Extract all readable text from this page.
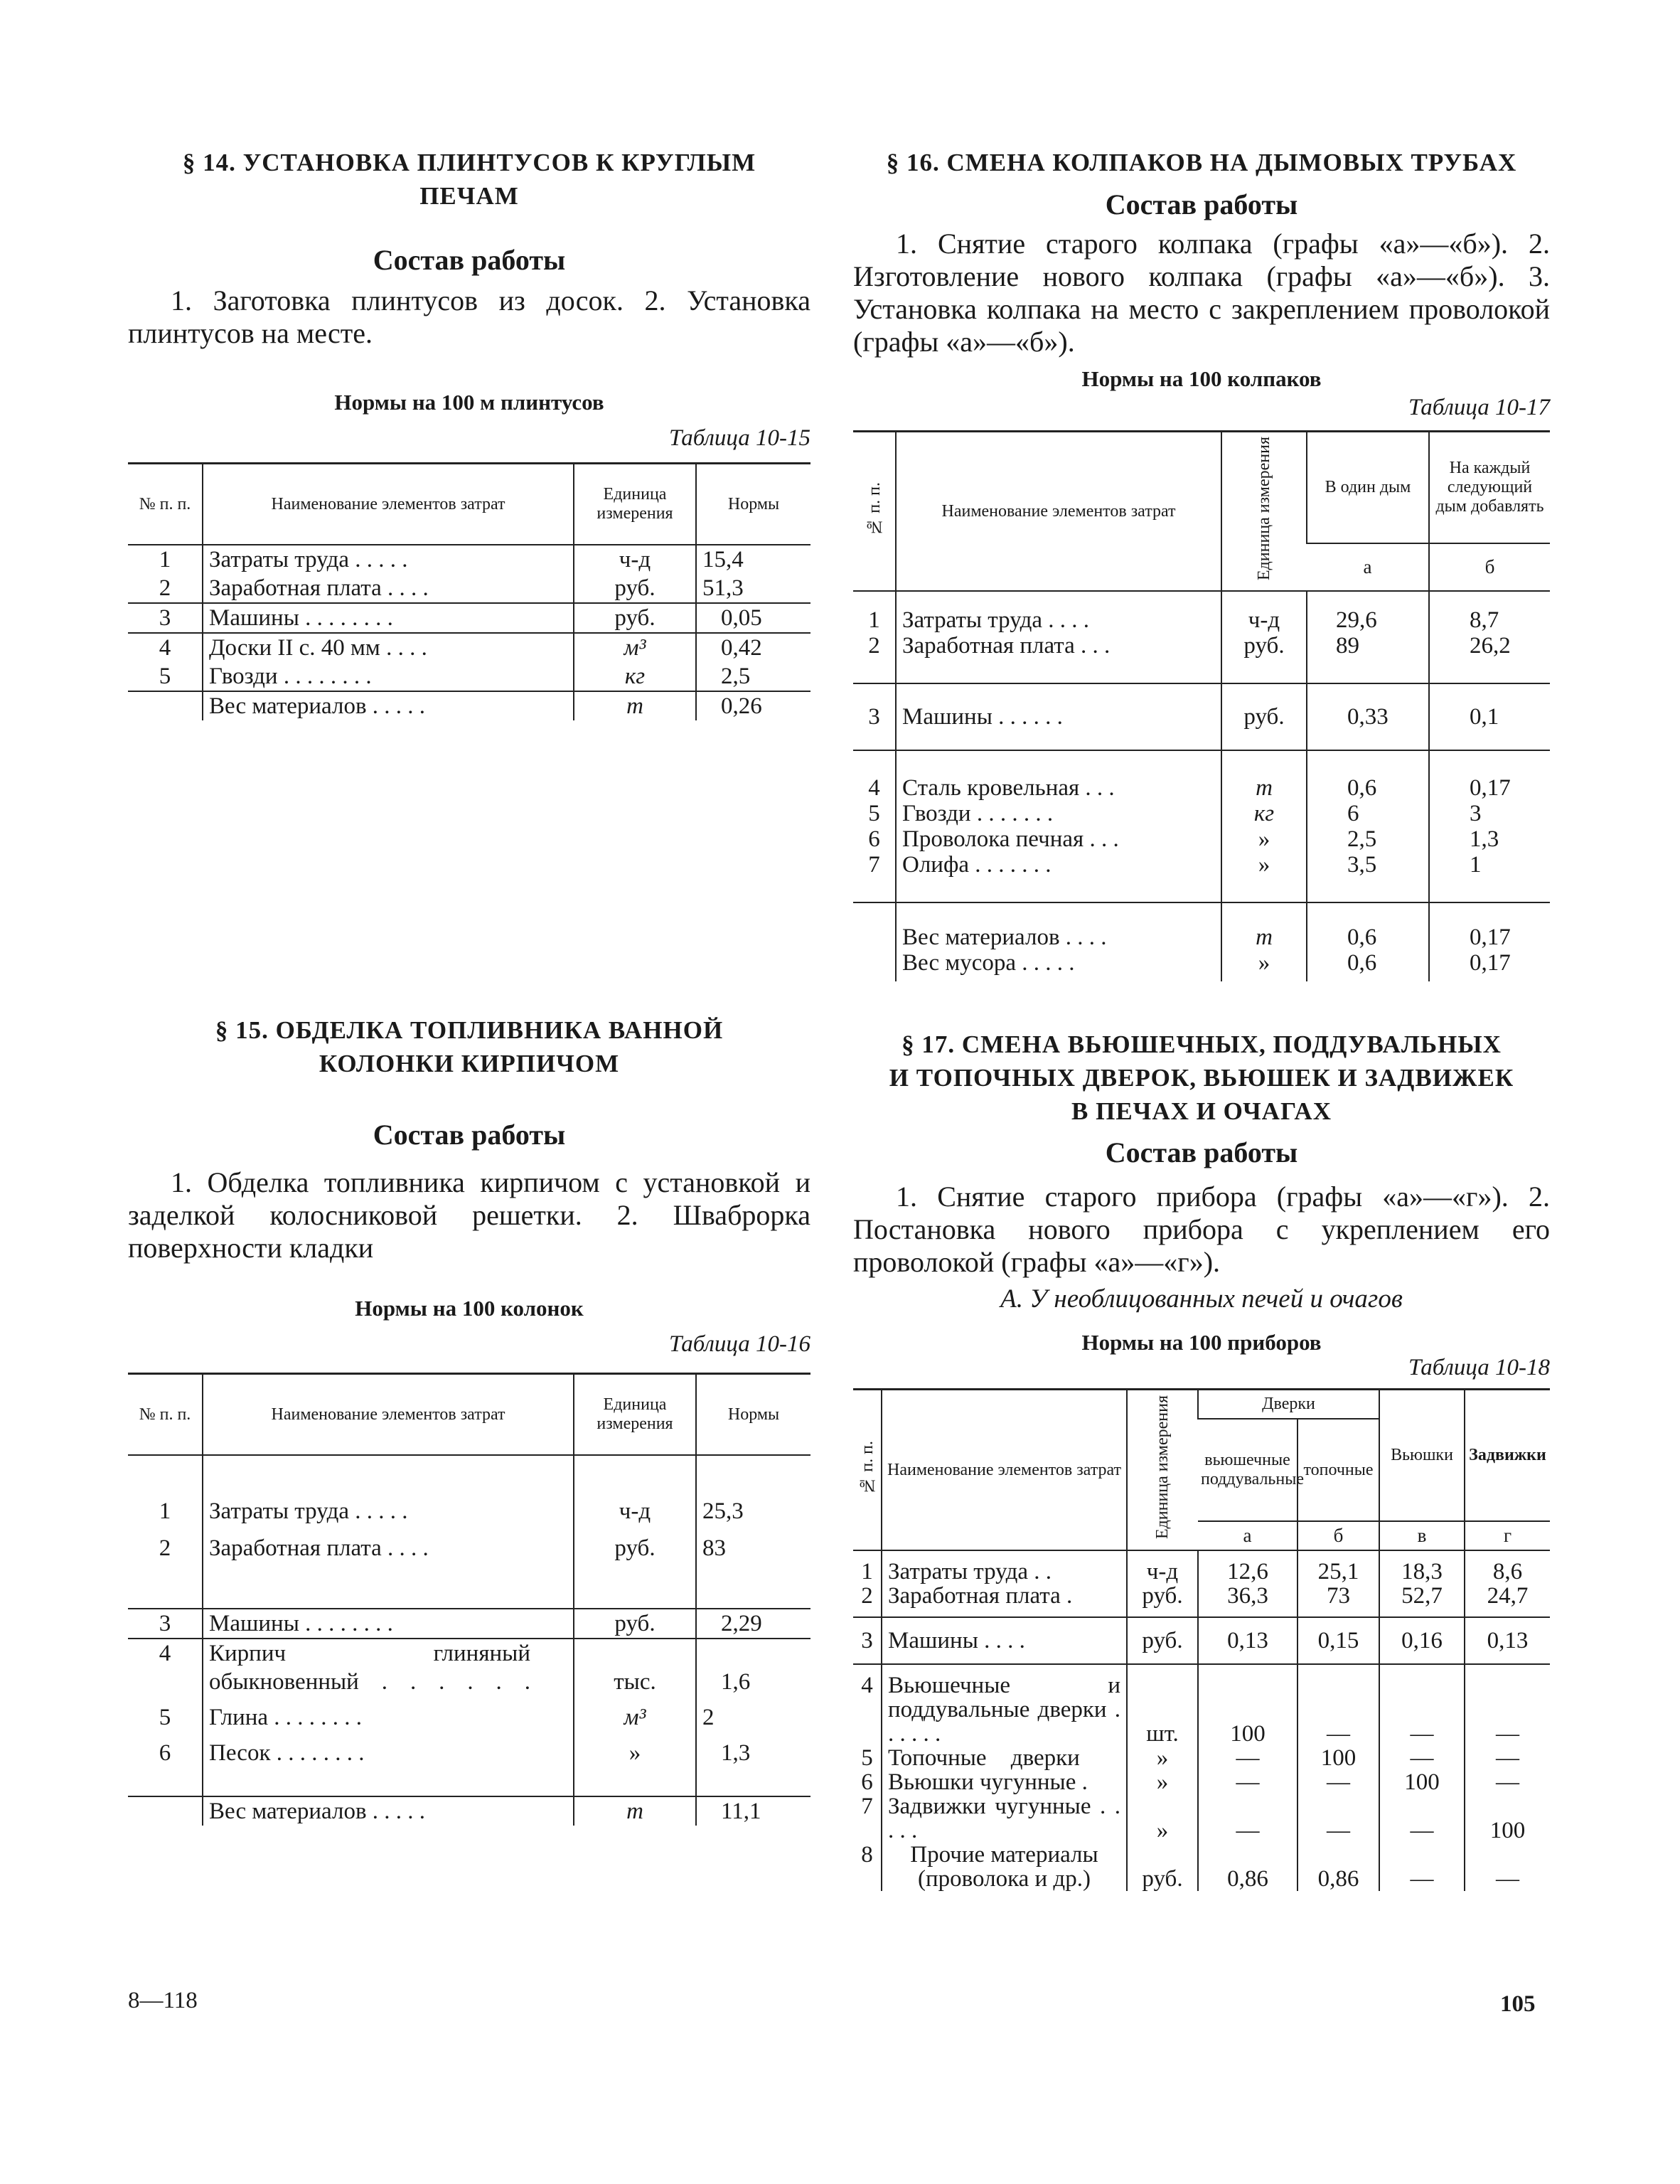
§ 14. УСТАНОВКА ПЛИНТУСОВ К КРУГЛЫМ
ПЕЧАМ
Состав работы

1. Заготовка плинтусов из досок. 2. Установка плинтусов на месте.

Нормы на 100 м плинтусов

Таблица 10-15

№ п. п.	Наименование элементов затрат	Единица измерения	Нормы
1	Затраты труда . . . . .	ч-д	15,4
2	Заработная плата . . . .	руб.	51,3
3	Машины . . . . . . . .	руб.	0,05
4	Доски II с. 40 мм . . . .	м³	0,42
5	Гвозди . . . . . . . .	кг	2,5
	Вес материалов . . . . .	т	0,26
§ 15. ОБДЕЛКА ТОПЛИВНИКА ВАННОЙ
КОЛОНКИ КИРПИЧОМ
Состав работы

1. Обделка топливника кирпичом с установкой и заделкой колосниковой решетки. 2. Шваброрка поверхности кладки

Нормы на 100 колонок

Таблица 10-16

№ п. п.	Наименование элементов затрат	Единица измерения	Нормы
1	Затраты труда . . . . .	ч-д	25,3
2	Заработная плата . . . .	руб.	83
3	Машины . . . . . . . .	руб.	2,29
4	Кирпич глиняный обыкновенный . . . . . .	тыс.	1,6
5	Глина . . . . . . . .	м³	2
6	Песок . . . . . . . .	»	1,3
	Вес материалов . . . . .	т	11,1
§ 16. СМЕНА КОЛПАКОВ НА ДЫМОВЫХ ТРУБАХ
Состав работы

1. Снятие старого колпака (графы «а»—«б»). 2. Изготовление нового колпака (графы «а»—«б»). 3. Установка колпака на место с закреплением проволокой (графы «а»—«б»).

Нормы на 100 колпаков

Таблица 10-17

№ п. п.	Наименование элементов затрат	Единица измерения	В один дым	На каждый следующий дым добавлять
			а	б
1	Затраты труда . . . .	ч-д	29,6	8,7
2	Заработная плата . . .	руб.	89	26,2
3	Машины . . . . . .	руб.	0,33	0,1
4	Сталь кровельная . . .	т	0,6	0,17
5	Гвозди . . . . . . .	кг	6	3
6	Проволока печная . . .	»	2,5	1,3
7	Олифа . . . . . . .	»	3,5	1
	Вес материалов . . . .	т	0,6	0,17
	Вес мусора . . . . .	»	0,6	0,17
§ 17. СМЕНА ВЬЮШЕЧНЫХ, ПОДДУВАЛЬНЫХ
И ТОПОЧНЫХ ДВЕРОК, ВЬЮШЕК И ЗАДВИЖЕК
В ПЕЧАХ И ОЧАГАХ
Состав работы

1. Снятие старого прибора (графы «а»—«г»). 2. Постановка нового прибора с укреплением его проволокой (графы «а»—«г»).

А. У необлицованных печей и очагов

Нормы на 100 приборов

Таблица 10-18

№ п. п.	Наименование элементов затрат	Единица измерения	Дверки		Вьюшки	Задвижки
			вьюшечные поддувальные	топочные		
			а	б	в	г
1	Затраты труда . .	ч-д	12,6	25,1	18,3	8,6
2	Заработная плата .	руб.	36,3	73	52,7	24,7
3	Машины . . . .	руб.	0,13	0,15	0,16	0,13
4	Вьюшечные и поддувальные дверки . . . . . .	шт.	100	—	—	—
5	Топочные дверки	»	—	100	—	—
6	Вьюшки чугунные .	»	—	—	100	—
7	Задвижки чугунные . . . . .	»	—	—	—	100
8	Прочие материалы (проволока и др.)	руб.	0,86	0,86	—	—
8—118	105
